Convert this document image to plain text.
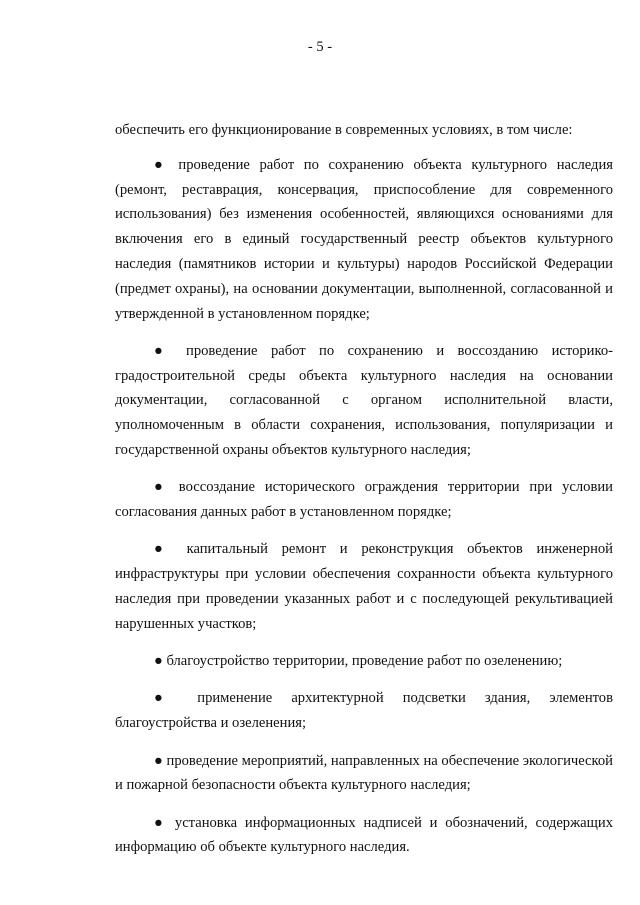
- 5 -

обеспечить его функционирование в современных условиях, в том числе:

● проведение работ по сохранению объекта культурного наследия (ремонт, реставрация, консервация, приспособление для современного использования) без изменения особенностей, являющихся основаниями для включения его в единый государственный реестр объектов культурного наследия (памятников истории и культуры) народов Российской Федерации (предмет охраны), на основании документации, выполненной, согласованной и утвержденной в установленном порядке;

● проведение работ по сохранению и воссозданию историко-градостроительной среды объекта культурного наследия на основании документации, согласованной с органом исполнительной власти, уполномоченным в области сохранения, использования, популяризации и государственной охраны объектов культурного наследия;

● воссоздание исторического ограждения территории при условии согласования данных работ в установленном порядке;

● капитальный ремонт и реконструкция объектов инженерной инфраструктуры при условии обеспечения сохранности объекта культурного наследия при проведении указанных работ и с последующей рекультивацией нарушенных участков;

● благоустройство территории, проведение работ по озеленению;

● применение архитектурной подсветки здания, элементов благоустройства и озеленения;

● проведение мероприятий, направленных на обеспечение экологической и пожарной безопасности объекта культурного наследия;

● установка информационных надписей и обозначений, содержащих информацию об объекте культурного наследия.
